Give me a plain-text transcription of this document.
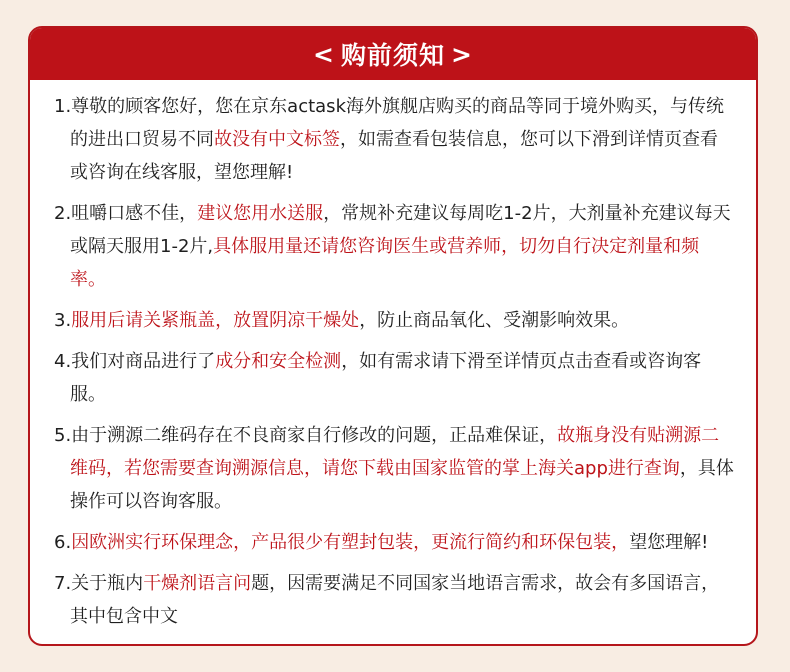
< 购前须知 >
1.尊敬的顾客您好，您在京东actask海外旗舰店购买的商品等同于境外购买，与传统的进出口贸易不同故没有中文标签，如需查看包装信息，您可以下滑到详情页查看或咨询在线客服，望您理解!
2.咀嚼口感不佳，建议您用水送服，常规补充建议每周吃1-2片，大剂量补充建议每天或隔天服用1-2片,具体服用量还请您咨询医生或营养师，切勿自行决定剂量和频率。
3.服用后请关紧瓶盖，放置阴凉干燥处，防止商品氧化、受潮影响效果。
4.我们对商品进行了成分和安全检测，如有需求请下滑至详情页点击查看或咨询客服。
5.由于溯源二维码存在不良商家自行修改的问题，正品难保证，故瓶身没有贴溯源二维码，若您需要查询溯源信息，请您下载由国家监管的掌上海关app进行查询，具体操作可以咨询客服。
6.因欧洲实行环保理念，产品很少有塑封包装，更流行简约和环保包装，望您理解!
7.关于瓶内干燥剂语言问题，因需要满足不同国家当地语言需求，故会有多国语言，其中包含中文
